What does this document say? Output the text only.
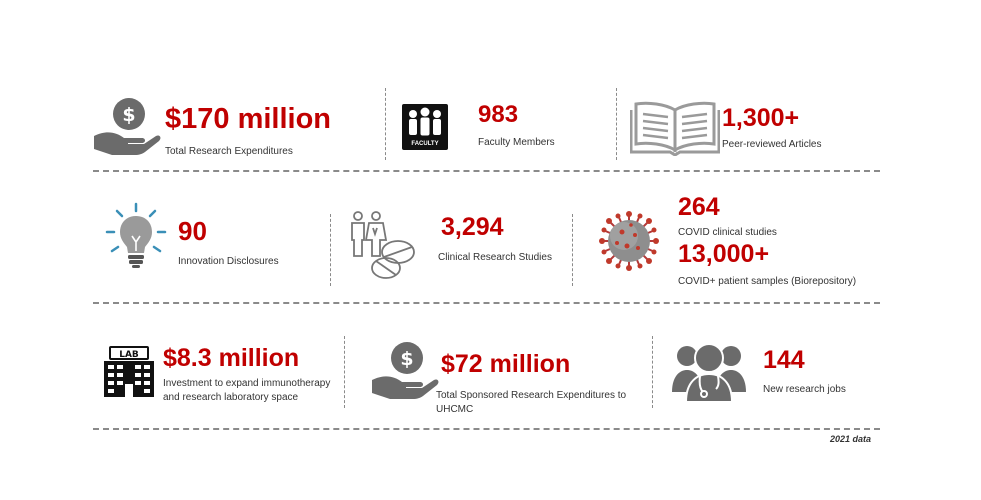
$ $170 million
Total Research Expenditures
FACULTY
983
Faculty Members
1,300+
Peer-reviewed Articles
90
Innovation Disclosures
3,294
Clinical Research Studies
264
COVID clinical studies
13,000+
COVID+ patient samples (Biorepository)
LAB $8.3 million
Investment to expand immunotherapy
and research laboratory space
$ $72 million
Total Sponsored Research Expenditures to
UHCMC
144
New research jobs
2021 data
